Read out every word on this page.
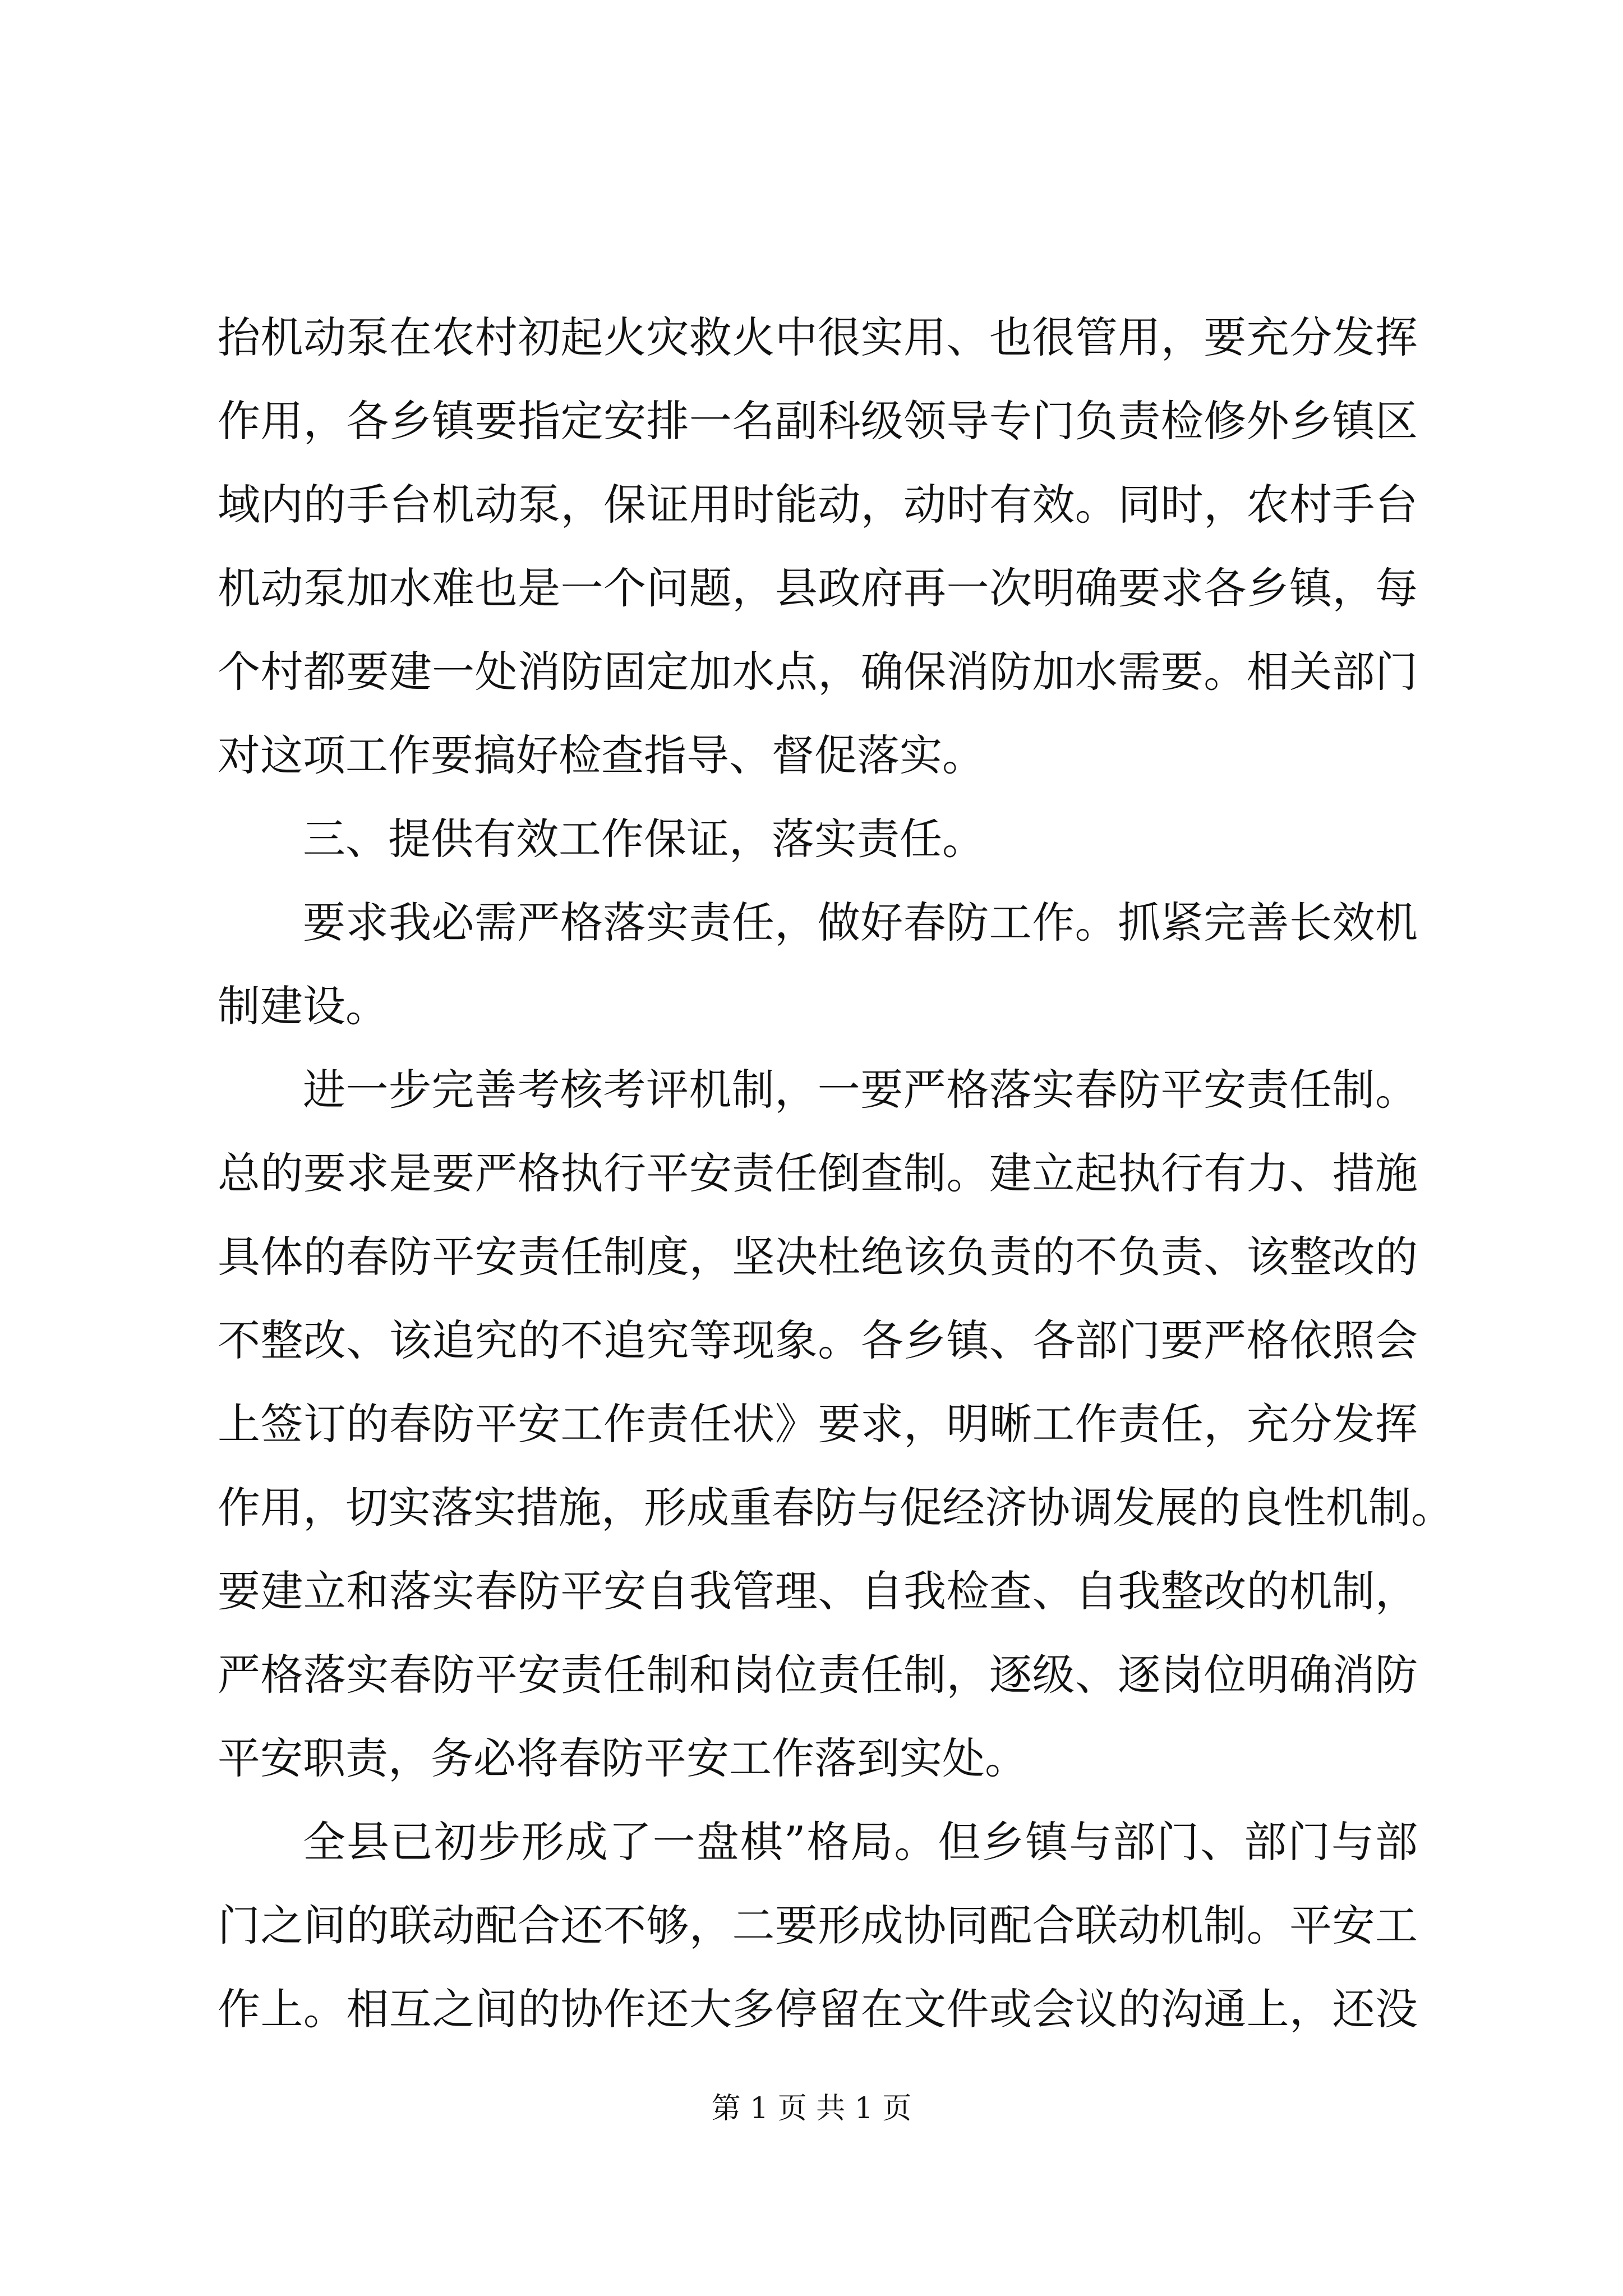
抬机动泵在农村初起火灾救火中很实用、也很管用，要充分发挥
作用，各乡镇要指定安排一名副科级领导专门负责检修外乡镇区
域内的手台机动泵，保证用时能动，动时有效。同时，农村手台
机动泵加水难也是一个问题，县政府再一次明确要求各乡镇，每
个村都要建一处消防固定加水点，确保消防加水需要。相关部门
对这项工作要搞好检查指导、督促落实。
三、提供有效工作保证，落实责任。
要求我必需严格落实责任，做好春防工作。抓紧完善长效机
制建设。
进一步完善考核考评机制，一要严格落实春防平安责任制。
总的要求是要严格执行平安责任倒查制。建立起执行有力、措施
具体的春防平安责任制度，坚决杜绝该负责的不负责、该整改的
不整改、该追究的不追究等现象。各乡镇、各部门要严格依照会
上签订的春防平安工作责任状》要求，明晰工作责任，充分发挥
作用，切实落实措施，形成重春防与促经济协调发展的良性机制。
要建立和落实春防平安自我管理、自我检查、自我整改的机制，
严格落实春防平安责任制和岗位责任制，逐级、逐岗位明确消防
平安职责，务必将春防平安工作落到实处。
全县已初步形成了一盘棋”格局。但乡镇与部门、部门与部
第 1 页 共 1 页
门之间的联动配合还不够，二要形成协同配合联动机制。平安工
作上。相互之间的协作还大多停留在文件或会议的沟通上，还没
